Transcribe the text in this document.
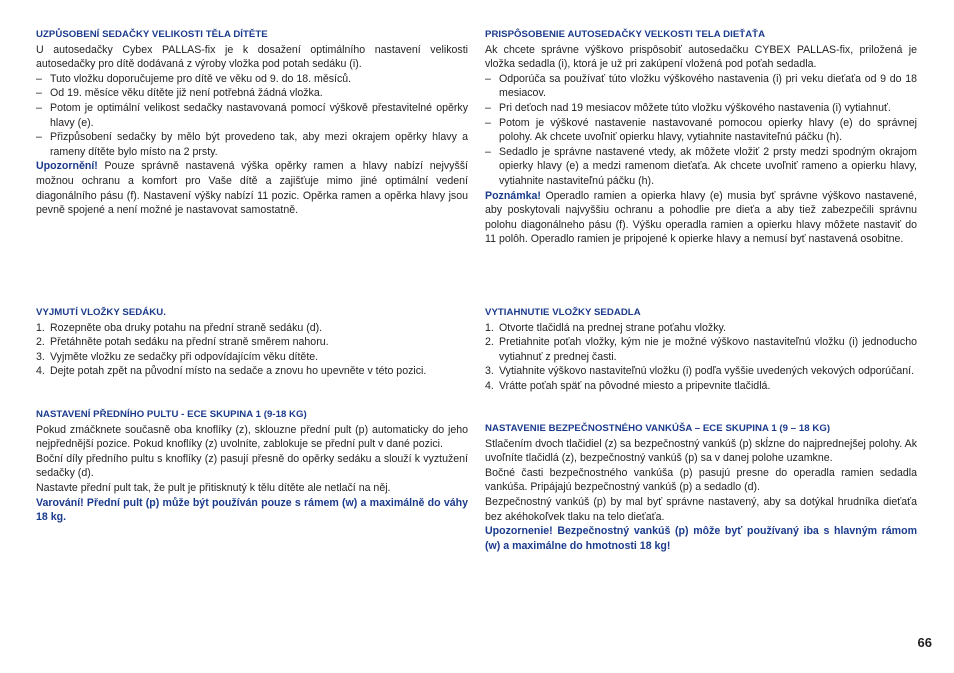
UZPŮSOBENÍ SEDAČKY VELIKOSTI TĚLA DÍTĚTE

U autosedačky Cybex PALLAS-fix je k dosažení optimálního nastavení velikosti autosedačky pro dítě dodávaná z výroby vložka pod potah sedáku (i).

– Tuto vložku doporučujeme pro dítě ve věku od 9. do 18. měsíců.
– Od 19. měsíce věku dítěte již není potřebná žádná vložka.
– Potom je optimální velikost sedačky nastavovaná pomocí výškově přestavitelné opěrky hlavy (e).
– Přizpůsobení sedačky by mělo být provedeno tak, aby mezi okrajem opěrky hlavy a rameny dítěte bylo místo na 2 prsty.

Upozornění! Pouze správně nastavená výška opěrky ramen a hlavy nabízí nejvyšší možnou ochranu a komfort pro Vaše dítě a zajišťuje mimo jiné optimální vedení diagonálního pásu (f). Nastavení výšky nabízí 11 pozic. Opěrka ramen a opěrka hlavy jsou pevně spojené a není možné je nastavovat samostatně.

VYJMUTÍ VLOŽKY SEDÁKU.
1. Rozepněte oba druky potahu na přední straně sedáku (d).
2. Přetáhněte potah sedáku na přední straně směrem nahoru.
3. Vyjměte vložku ze sedačky při odpovídajícím věku dítěte.
4. Dejte potah zpět na původní místo na sedače a znovu ho upevněte v této pozici.
NASTAVENÍ PŘEDNÍHO PULTU - ECE SKUPINA 1 (9-18 KG)

Pokud zmáčknete současně oba knoflíky (z), sklouzne přední pult (p) automaticky do jeho nejpřednější pozice. Pokud knoflíky (z) uvolníte, zablokuje se přední pult v dané pozici.

Boční díly předního pultu s knoflíky (z) pasují přesně do opěrky sedáku a slouží k vyztužení sedačky (d).

Nastavte přední pult tak, že pult je přitisknutý k tělu dítěte ale netlačí na něj.

Varování! Přední pult (p) může být používán pouze s rámem (w) a maximálně do váhy 18 kg.

PRISPÔSOBENIE AUTOSEDAČKY VEĽKOSTI TELA DIEŤAŤA

Ak chcete správne výškovo prispôsobiť autosedačku CYBEX PALLAS-fix, priložená je vložka sedadla (i), ktorá je už pri zakúpení vložená pod poťah sedadla.

– Odporúča sa používať túto vložku výškového nastavenia (i) pri veku dieťaťa od 9 do 18 mesiacov.
– Pri deťoch nad 19 mesiacov môžete túto vložku výškového nastavenia (i) vytiahnuť.
– Potom je výškové nastavenie nastavované pomocou opierky hlavy (e) do správnej polohy. Ak chcete uvoľniť opierku hlavy, vytiahnite nastaviteľnú páčku (h).
– Sedadlo je správne nastavené vtedy, ak môžete vložiť 2 prsty medzi spodným okrajom opierky hlavy (e) a medzi ramenom dieťaťa. Ak chcete uvoľniť rameno a opierku hlavy, vytiahnite nastaviteľnú páčku (h).

Poznámka! Operadlo ramien a opierka hlavy (e) musia byť správne výškovo nastavené, aby poskytovali najvyššiu ochranu a pohodlie pre dieťa a aby tiež zabezpečili správnu polohu diagonálneho pásu (f). Výšku operadla ramien a opierku hlavy môžete nastaviť do 11 polôh. Operadlo ramien je pripojené k opierke hlavy a nemusí byť nastavená osobitne.

VYTIAHNUTIE VLOŽKY SEDADLA
1. Otvorte tlačidlá na prednej strane poťahu vložky.
2. Pretiahnite poťah vložky, kým nie je možné výškovo nastaviteľnú vložku (i) jednoducho vytiahnuť z prednej časti.
3. Vytiahnite výškovo nastaviteľnú vložku (i) podľa vyššie uvedených vekových odporúčaní.
4. Vrátte poťah späť na pôvodné miesto a pripevnite tlačidlá.
NASTAVENIE BEZPEČNOSTNÉHO VANKÚŠA – ECE SKUPINA 1 (9 – 18 KG)

Stlačením dvoch tlačidiel (z) sa bezpečnostný vankúš (p) skĺzne do najprednejšej polohy. Ak uvoľníte tlačidlá (z), bezpečnostný vankúš (p) sa v danej polohe uzamkne.

Bočné časti bezpečnostného vankúša (p) pasujú presne do operadla ramien sedadla vankúša. Pripájajú bezpečnostný vankúš (p) a sedadlo (d).

Bezpečnostný vankúš (p) by mal byť správne nastavený, aby sa dotýkal hrudníka dieťaťa bez akéhokoľvek tlaku na telo dieťaťa.

Upozornenie! Bezpečnostný vankúš (p) môže byť používaný iba s hlavným rámom (w) a maximálne do hmotnosti 18 kg!

66
